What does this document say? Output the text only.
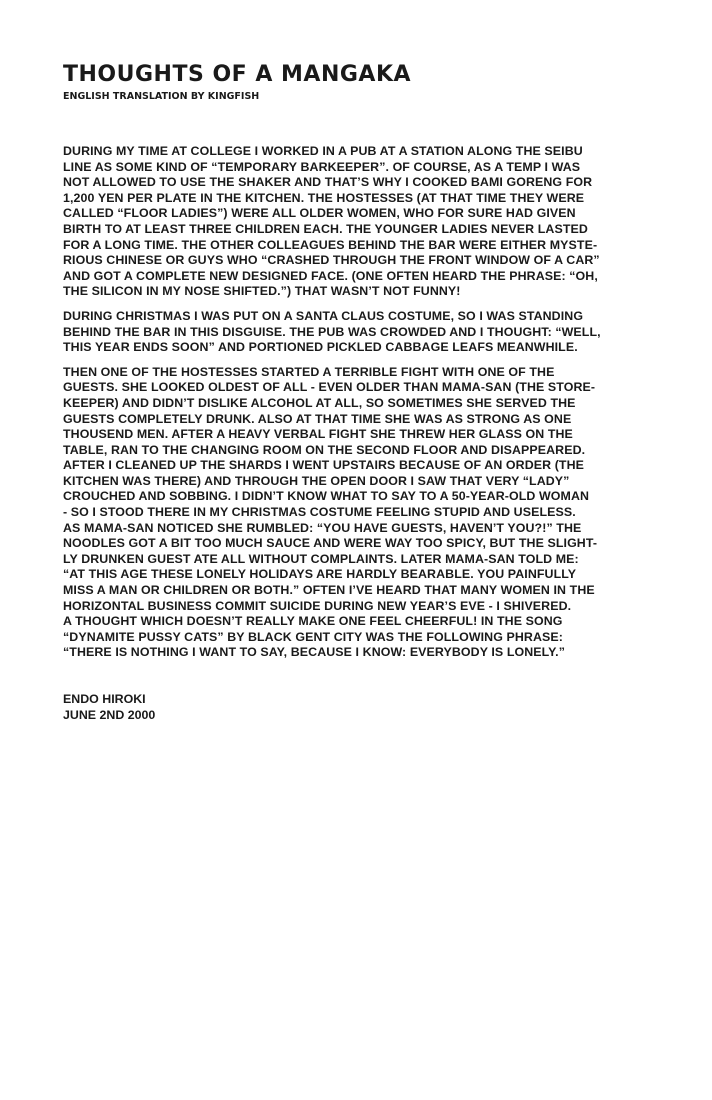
THOUGHTS OF A MANGAKA
ENGLISH TRANSLATION BY KINGFISH

DURING MY TIME AT COLLEGE I WORKED IN A PUB AT A STATION ALONG THE SEIBU
LINE AS SOME KIND OF “TEMPORARY BARKEEPER”. OF COURSE, AS A TEMP I WAS
NOT ALLOWED TO USE THE SHAKER AND THAT’S WHY I COOKED BAMI GORENG FOR
1,200 YEN PER PLATE IN THE KITCHEN. THE HOSTESSES (AT THAT TIME THEY WERE
CALLED “FLOOR LADIES”) WERE ALL OLDER WOMEN, WHO FOR SURE HAD GIVEN
BIRTH TO AT LEAST THREE CHILDREN EACH. THE YOUNGER LADIES NEVER LASTED
FOR A LONG TIME. THE OTHER COLLEAGUES BEHIND THE BAR WERE EITHER MYSTE-
RIOUS CHINESE OR GUYS WHO “CRASHED THROUGH THE FRONT WINDOW OF A CAR”
AND GOT A COMPLETE NEW DESIGNED FACE. (ONE OFTEN HEARD THE PHRASE: “OH,
THE SILICON IN MY NOSE SHIFTED.”) THAT WASN’T NOT FUNNY!

DURING CHRISTMAS I WAS PUT ON A SANTA CLAUS COSTUME, SO I WAS STANDING
BEHIND THE BAR IN THIS DISGUISE. THE PUB WAS CROWDED AND I THOUGHT: “WELL,
THIS YEAR ENDS SOON” AND PORTIONED PICKLED CABBAGE LEAFS MEANWHILE.

THEN ONE OF THE HOSTESSES STARTED A TERRIBLE FIGHT WITH ONE OF THE
GUESTS. SHE LOOKED OLDEST OF ALL - EVEN OLDER THAN MAMA-SAN (THE STORE-
KEEPER) AND DIDN’T DISLIKE ALCOHOL AT ALL, SO SOMETIMES SHE SERVED THE
GUESTS COMPLETELY DRUNK. ALSO AT THAT TIME SHE WAS AS STRONG AS ONE
THOUSEND MEN. AFTER A HEAVY VERBAL FIGHT SHE THREW HER GLASS ON THE
TABLE, RAN TO THE CHANGING ROOM ON THE SECOND FLOOR AND DISAPPEARED.
AFTER I CLEANED UP THE SHARDS I WENT UPSTAIRS BECAUSE OF AN ORDER (THE
KITCHEN WAS THERE) AND THROUGH THE OPEN DOOR I SAW THAT VERY “LADY”
CROUCHED AND SOBBING. I DIDN’T KNOW WHAT TO SAY TO A 50-YEAR-OLD WOMAN
- SO I STOOD THERE IN MY CHRISTMAS COSTUME FEELING STUPID AND USELESS.
AS MAMA-SAN NOTICED SHE RUMBLED: “YOU HAVE GUESTS, HAVEN’T YOU?!” THE
NOODLES GOT A BIT TOO MUCH SAUCE AND WERE WAY TOO SPICY, BUT THE SLIGHT-
LY DRUNKEN GUEST ATE ALL WITHOUT COMPLAINTS. LATER MAMA-SAN TOLD ME:
“AT THIS AGE THESE LONELY HOLIDAYS ARE HARDLY BEARABLE. YOU PAINFULLY
MISS A MAN OR CHILDREN OR BOTH.” OFTEN I’VE HEARD THAT MANY WOMEN IN THE
HORIZONTAL BUSINESS COMMIT SUICIDE DURING NEW YEAR’S EVE - I SHIVERED.
A THOUGHT WHICH DOESN’T REALLY MAKE ONE FEEL CHEERFUL! IN THE SONG
“DYNAMITE PUSSY CATS” BY BLACK GENT CITY WAS THE FOLLOWING PHRASE:
“THERE IS NOTHING I WANT TO SAY, BECAUSE I KNOW: EVERYBODY IS LONELY.”

ENDO HIROKI
JUNE 2ND 2000
